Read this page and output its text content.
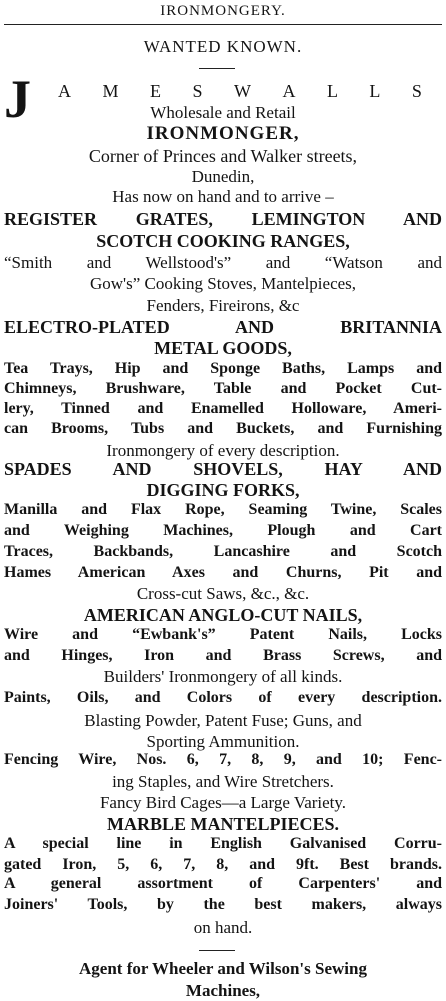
IRONMONGERY.
WANTED KNOWN.
J A M E S W A L L S
Wholesale and Retail
IRONMONGER,
Corner of Princes and Walker streets,
Dunedin,
Has now on hand and to arrive –
REGISTER GRATES, LEMINGTON AND
SCOTCH COOKING RANGES,
“Smith and Wellstood's” and “Watson and
Gow's” Cooking Stoves, Mantelpieces,
Fenders, Fireirons, &c
ELECTRO-PLATED AND BRITANNIA
METAL GOODS,
Tea Trays, Hip and Sponge Baths, Lamps and
Chimneys, Brushware, Table and Pocket Cut-
lery, Tinned and Enamelled Holloware, Ameri-
can Brooms, Tubs and Buckets, and Furnishing
Ironmongery of every description.
SPADES AND SHOVELS, HAY AND
DIGGING FORKS,
Manilla and Flax Rope, Seaming Twine, Scales
and Weighing Machines, Plough and Cart
Traces, Backbands, Lancashire and Scotch
Hames American Axes and Churns, Pit and
Cross-cut Saws, &c., &c.
AMERICAN ANGLO-CUT NAILS,
Wire and “Ewbank's” Patent Nails, Locks
and Hinges, Iron and Brass Screws, and
Builders' Ironmongery of all kinds.
Paints, Oils, and Colors of every description.
Blasting Powder, Patent Fuse; Guns, and
Sporting Ammunition.
Fencing Wire, Nos. 6, 7, 8, 9, and 10; Fenc-
ing Staples, and Wire Stretchers.
Fancy Bird Cages—a Large Variety.
MARBLE MANTELPIECES.
A special line in English Galvanised Corru-
gated Iron, 5, 6, 7, 8, and 9ft. Best brands.
A general assortment of Carpenters' and
Joiners' Tools, by the best makers, always
on hand.
Agent for Wheeler and Wilson's Sewing
Machines,
